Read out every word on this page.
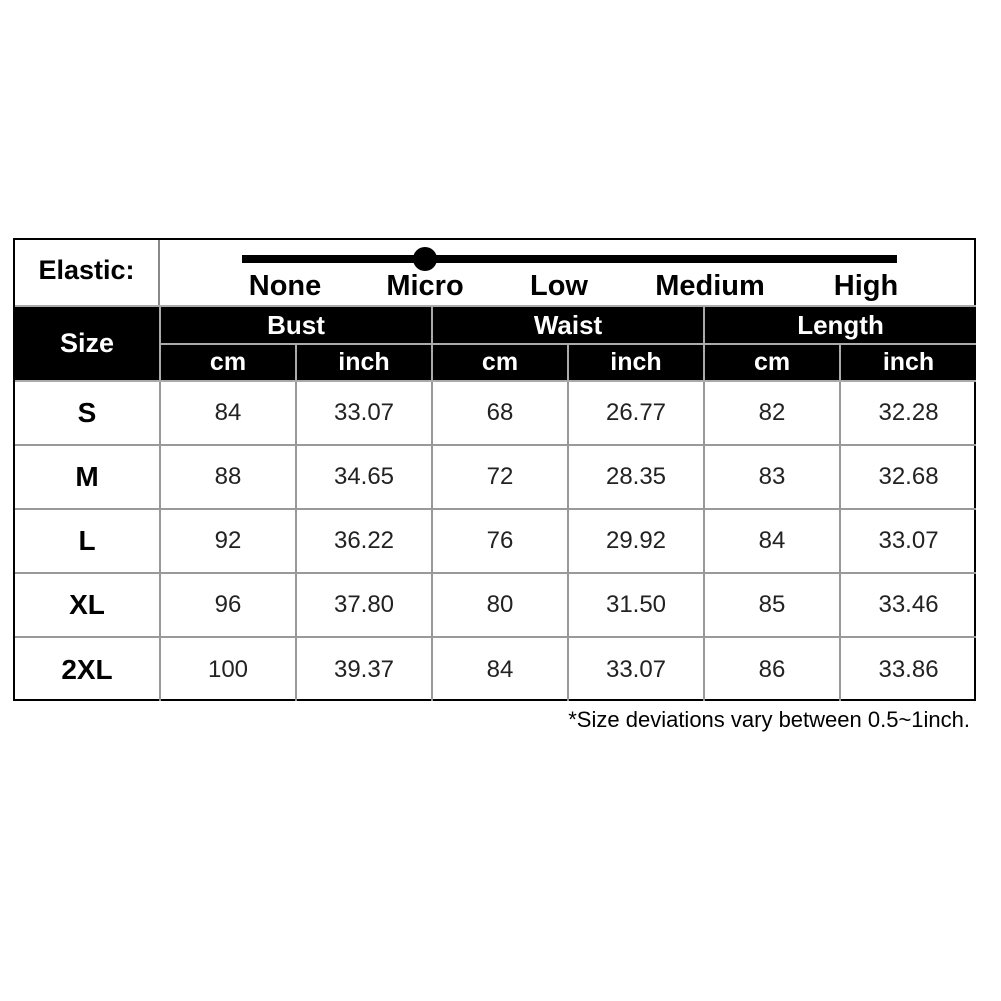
Elastic:	None Micro Low Medium High
Size	Bust		Waist		Length	
	cm	inch	cm	inch	cm	inch
S	84	33.07	68	26.77	82	32.28
M	88	34.65	72	28.35	83	32.68
L	92	36.22	76	29.92	84	33.07
XL	96	37.80	80	31.50	85	33.46
2XL	100	39.37	84	33.07	86	33.86
*Size deviations vary between 0.5~1inch.
